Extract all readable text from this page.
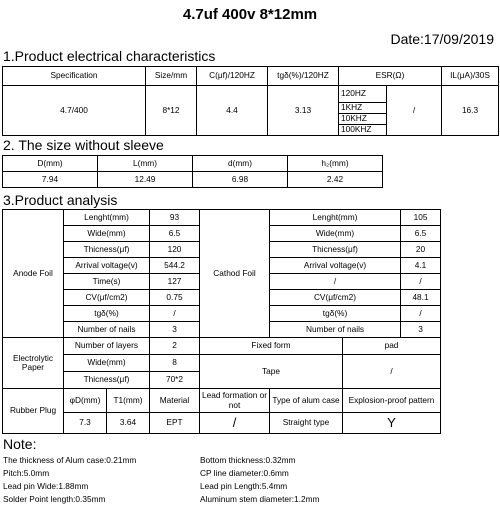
4.7uf 400v 8*12mm
Date:17/09/2019
1.Product electrical characteristics
Specification	Size/mm	C(μf)/120HZ	tgδ(%)/120HZ	ESR(Ω)		IL(μA)/30S
4.7/400	8*12	4.4	3.13	120HZ	/	16.3
				1KHZ		
				10KHZ		
				100KHZ		
2. The size without sleeve
D(mm)	L(mm)	d(mm)	h₂(mm)
7.94	12.49	6.98	2.42
3.Product analysis
Anode Foil	Lenght(mm)	93	Cathod Foil	Lenght(mm)		105
	Wide(mm)	6.5		Wide(mm)		6.5
	Thicness(μf)	120		Thicness(μf)		20
	Arrival voltage(v)	544.2		Arrival voltage(v)		4.1
	Time(s)	127		/		/
	CV(μf/cm2)	0.75		CV(μf/cm2)		48.1
	tgδ(%)	/		tgδ(%)		/
	Number of nails	3		Number of nails		3
Electrolytic Paper	Number of layers	2	Fixed form		pad	
	Wide(mm)	8	Tape		/	
	Thicness(μf)	70*2				
Rubber Plug	φD(mm) T1(mm)	Material	Lead formation or not	Type of alum case	Explosion-proof pattern	

7.3 3.64	EPT	/	Straight type	Y	
Note:
The thickness of Alum case:0.21mm
Pitch:5.0mm
Lead pin Wide:1.88mm
Solder Point length:0.35mm
Bottom thickness:0.32mm
CP line diameter:0.6mm
Lead pin Length:5.4mm
Aluminum stem diameter:1.2mm
